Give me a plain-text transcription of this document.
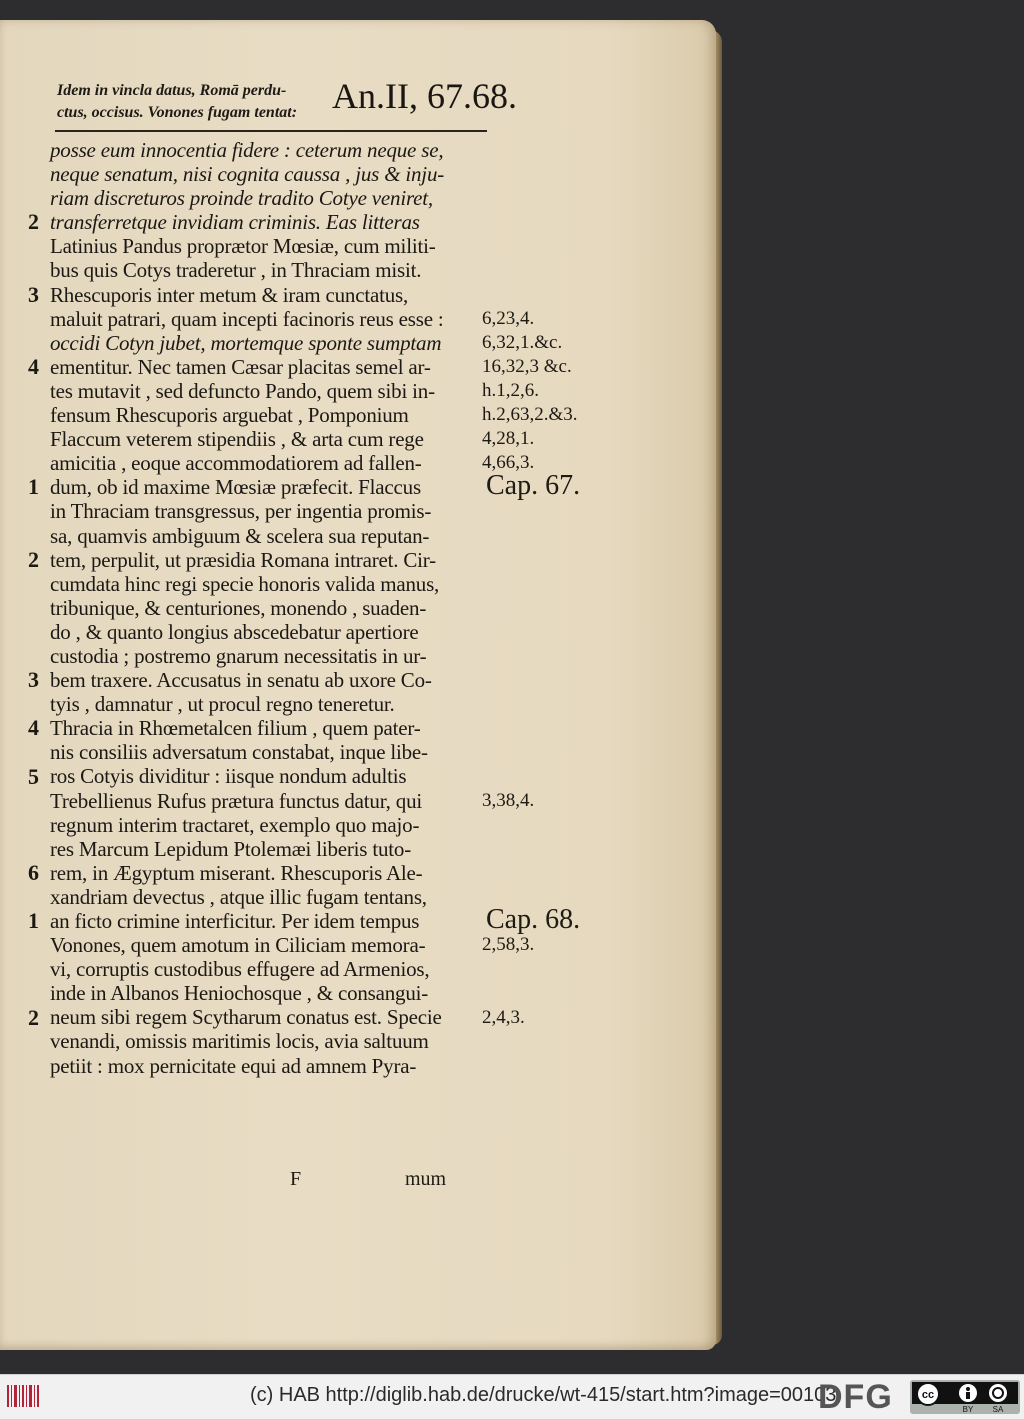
Idem in vincla datus, Romā perdu-
ctus, occisus. Vonones fugam tentat: An.II, 67.68.
posse eum innocentia fidere : ceterum neque se,
neque senatum, nisi cognita caussa , jus & inju-
riam discreturos proinde tradito Cotye veniret,
transferretque invidiam criminis. Eas litteras
Latinius Pandus proprætor Mœsiæ, cum militi-
bus quis Cotys traderetur , in Thraciam misit.
Rhescuporis inter metum & iram cunctatus,
maluit patrari, quam incepti facinoris reus esse :
occidi Cotyn jubet, mortemque sponte sumptam
ementitur. Nec tamen Cæsar placitas semel ar-
tes mutavit , sed defuncto Pando, quem sibi in-
fensum Rhescuporis arguebat , Pomponium
Flaccum veterem stipendiis , & arta cum rege
amicitia , eoque accommodatiorem ad fallen-
dum, ob id maxime Mœsiæ præfecit. Flaccus
in Thraciam transgressus, per ingentia promis-
sa, quamvis ambiguum & scelera sua reputan-
tem, perpulit, ut præsidia Romana intraret. Cir-
cumdata hinc regi specie honoris valida manus,
tribunique, & centuriones, monendo , suaden-
do , & quanto longius abscedebatur apertiore
custodia ; postremo gnarum necessitatis in ur-
bem traxere. Accusatus in senatu ab uxore Co-
tyis , damnatur , ut procul regno teneretur.
Thracia in Rhœmetalcen filium , quem pater-
nis consiliis adversatum constabat, inque libe-
ros Cotyis dividitur : iisque nondum adultis
Trebellienus Rufus prætura functus datur, qui
regnum interim tractaret, exemplo quo majo-
res Marcum Lepidum Ptolemæi liberis tuto-
rem, in Ægyptum miserant. Rhescuporis Ale-
xandriam devectus , atque illic fugam tentans,
an ficto crimine interficitur. Per idem tempus
Vonones, quem amotum in Ciliciam memora-
vi, corruptis custodibus effugere ad Armenios,
inde in Albanos Heniochosque , & consangui-
neum sibi regem Scytharum conatus est. Specie
venandi, omissis maritimis locis, avia saltuum
petiit : mox pernicitate equi ad amnem Pyra-
2
3
4
1
2
3
4
5
6
1
2
6,23,4.
6,32,1.&c.
16,32,3 &c.
h.1,2,6.
h.2,63,2.&3.
4,28,1.
4,66,3.
Cap. 67.
3,38,4.
Cap. 68.
2,58,3.
2,4,3.
F	mum
(c) HAB http://diglib.hab.de/drucke/wt-415/start.htm?image=00103
DFG	cc
BY SA
